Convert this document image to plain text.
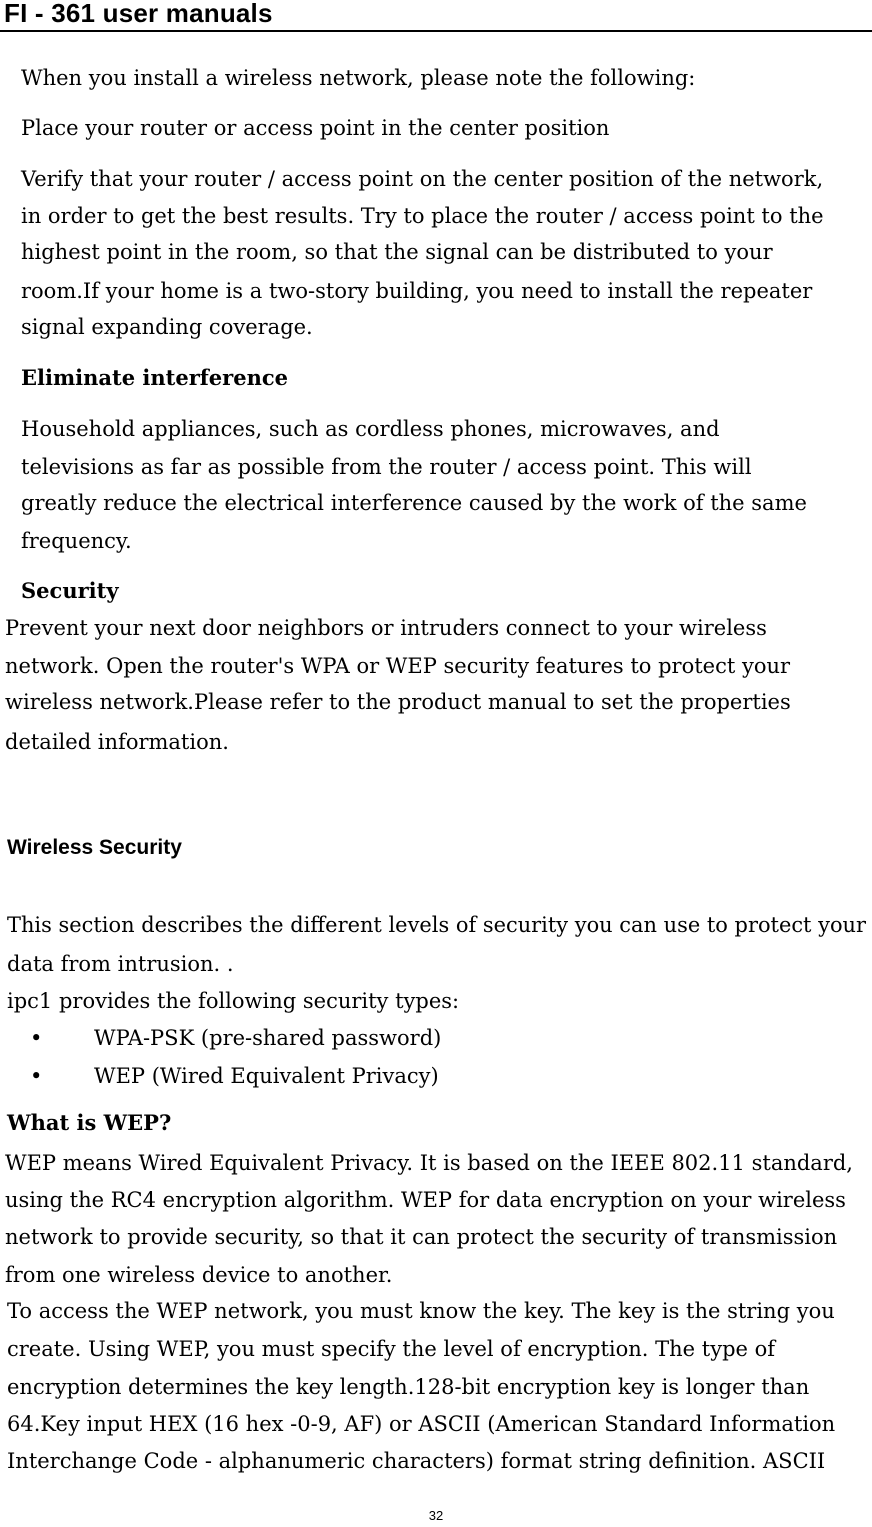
FI - 361 user manuals
When you install a wireless network, please note the following:
Place your router or access point in the center position
Verify that your router / access point on the center position of the network,
in order to get the best results. Try to place the router / access point to the
highest point in the room, so that the signal can be distributed to your
room.If your home is a two-story building, you need to install the repeater
signal expanding coverage.
Eliminate interference
Household appliances, such as cordless phones, microwaves, and
televisions as far as possible from the router / access point. This will
greatly reduce the electrical interference caused by the work of the same
frequency.
Security
Prevent your next door neighbors or intruders connect to your wireless
network. Open the router's WPA or WEP security features to protect your
wireless network.Please refer to the product manual to set the properties
detailed information.
Wireless Security
This section describes the different levels of security you can use to protect your
data from intrusion. .
ipc1 provides the following security types:
• WPA-PSK (pre-shared password)
• WEP (Wired Equivalent Privacy)
What is WEP?
WEP means Wired Equivalent Privacy. It is based on the IEEE 802.11 standard,
using the RC4 encryption algorithm. WEP for data encryption on your wireless
network to provide security, so that it can protect the security of transmission
from one wireless device to another.
To access the WEP network, you must know the key. The key is the string you
create. Using WEP, you must specify the level of encryption. The type of
encryption determines the key length.128-bit encryption key is longer than
64.Key input HEX (16 hex -0-9, AF) or ASCII (American Standard Information
Interchange Code - alphanumeric characters) format string definition. ASCII
32
